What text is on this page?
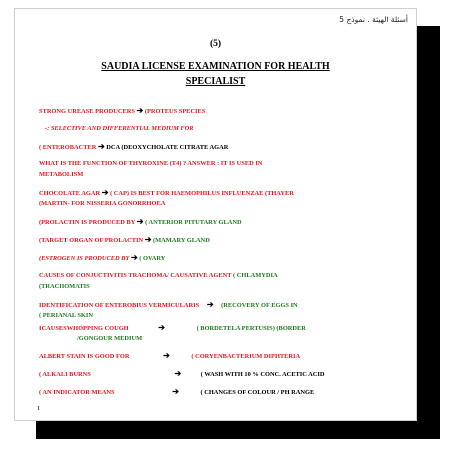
أسئلة الهيئة . نموذج 5
(5)
SAUDIA LICENSE EXAMINATION FOR HEALTH
SPECIALIST
STRONG UREASE PRODUCERS ➔ (PROTEUS SPECIES
-: SELECTIVE AND DIFFERENTIAL MEDIUM FOR
( ENTEROBACTER ➔ DCA (DEOXYCHOLATE CITRATE AGAR
WHAT IS THE FUNCTION OF THYROXINE (T4) ? ANSWER : IT IS USED IN
METABOLISM
CHOCOLATE AGAR ➔ ( CAP) IS BEST FOR HAEMOPHILUS INFLUENZAE (THAYER
(MARTIN- FOR NISSERIA GONORRHOEA
(PROLACTIN IS PRODUCED BY ➔ ( ANTERIOR PITUTARY GLAND
(TARGET ORGAN OF PROLACTIN ➔ (MAMARY GLAND
(ESTROGEN IS PRODUCED BY ➔ ( OVARY
CAUSES OF CONJUCTIVITIS TRACHOMA/ CAUSATIVE AGENT ( CHLAMYDIA
(TRACHOMATIS
IDENTIFICATION OF ENTEROBIUS VERMICULARIS ➔ (RECOVERY OF EGGS IN
( PERIANAL SKIN
ICAUSESWHOPPING COUGH	➔	( BORDETELA PERTUSIS) (BORDER
/GONGOUR MEDIUM
ALBERT STAIN IS GOOD FOR	➔	( CORYENBACTERIUM DIPHTERIA
( ALKALI BURNS	➔	( WASH WITH 10 % CONC. ACETIC ACID
( AN INDICATOR MEANS	➔	( CHANGES OF COLOUR / PH RANGE
1
